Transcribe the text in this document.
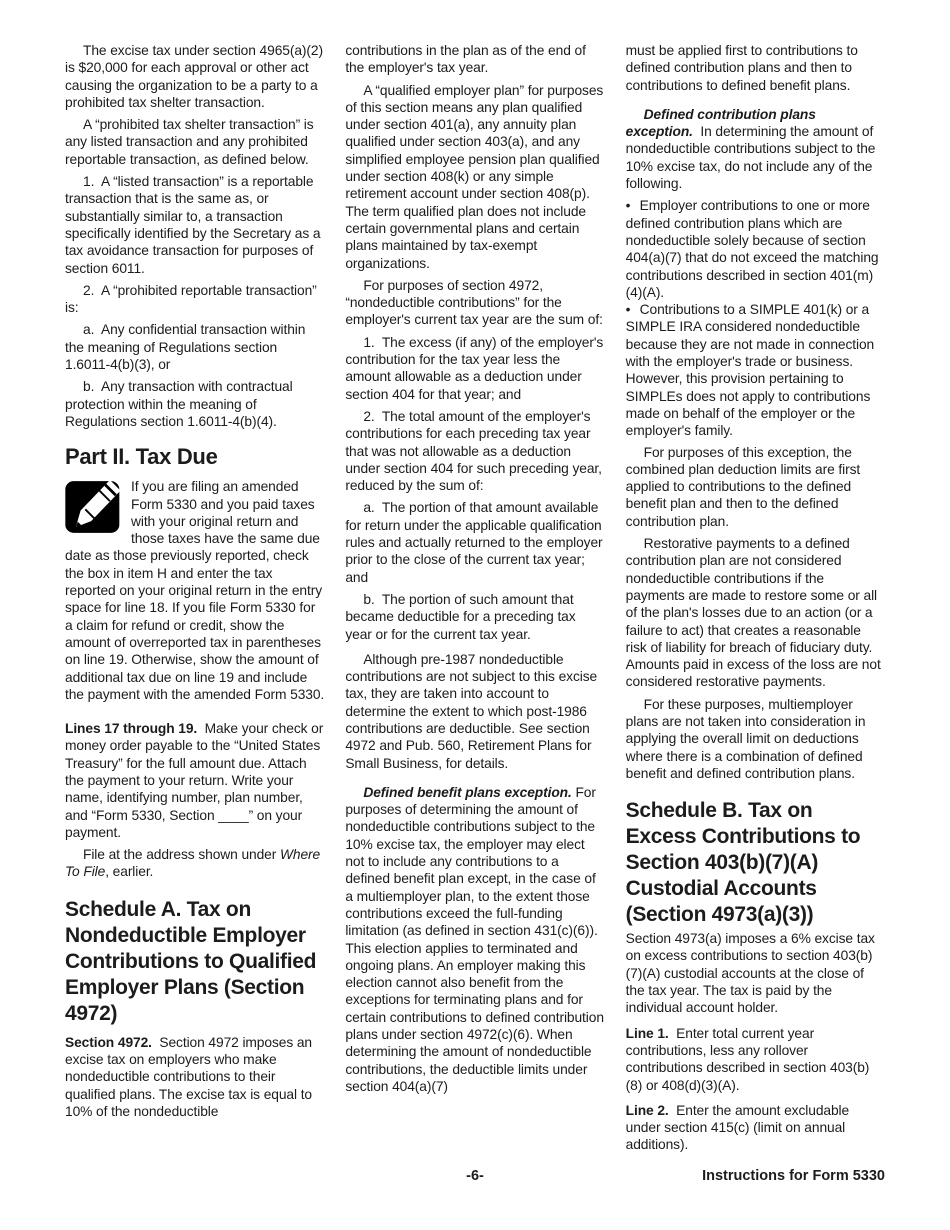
The excise tax under section 4965(a)(2) is $20,000 for each approval or other act causing the organization to be a party to a prohibited tax shelter transaction.

A “prohibited tax shelter transaction” is any listed transaction and any prohibited reportable transaction, as defined below.

1.  A “listed transaction” is a reportable transaction that is the same as, or substantially similar to, a transaction specifically identified by the Secretary as a tax avoidance transaction for purposes of section 6011.

2.  A “prohibited reportable transaction” is:

a.  Any confidential transaction within the meaning of Regulations section 1.6011-4(b)(3), or

b.  Any transaction with contractual protection within the meaning of Regulations section 1.6011-4(b)(4).

Part II. Tax Due

If you are filing an amended Form 5330 and you paid taxes with your original return and those taxes have the same due date as those previously reported, check the box in item H and enter the tax reported on your original return in the entry space for line 18. If you file Form 5330 for a claim for refund or credit, show the amount of overreported tax in parentheses on line 19. Otherwise, show the amount of additional tax due on line 19 and include the payment with the amended Form 5330.

Lines 17 through 19.  Make your check or money order payable to the “United States Treasury” for the full amount due. Attach the payment to your return. Write your name, identifying number, plan number, and “Form 5330, Section ____” on your payment.

File at the address shown under Where To File, earlier.

Schedule A. Tax on Nondeductible Employer Contributions to Qualified Employer Plans (Section 4972)

Section 4972.  Section 4972 imposes an excise tax on employers who make nondeductible contributions to their qualified plans. The excise tax is equal to 10% of the nondeductible

contributions in the plan as of the end of the employer's tax year.

A “qualified employer plan” for purposes of this section means any plan qualified under section 401(a), any annuity plan qualified under section 403(a), and any simplified employee pension plan qualified under section 408(k) or any simple retirement account under section 408(p). The term qualified plan does not include certain governmental plans and certain plans maintained by tax-exempt organizations.

For purposes of section 4972, “nondeductible contributions” for the employer's current tax year are the sum of:

1.  The excess (if any) of the employer's contribution for the tax year less the amount allowable as a deduction under section 404 for that year; and

2.  The total amount of the employer's contributions for each preceding tax year that was not allowable as a deduction under section 404 for such preceding year, reduced by the sum of:

a.  The portion of that amount available for return under the applicable qualification rules and actually returned to the employer prior to the close of the current tax year; and

b.  The portion of such amount that became deductible for a preceding tax year or for the current tax year.

Although pre-1987 nondeductible contributions are not subject to this excise tax, they are taken into account to determine the extent to which post-1986 contributions are deductible. See section 4972 and Pub. 560, Retirement Plans for Small Business, for details.

Defined benefit plans exception. For purposes of determining the amount of nondeductible contributions subject to the 10% excise tax, the employer may elect not to include any contributions to a defined benefit plan except, in the case of a multiemployer plan, to the extent those contributions exceed the full-funding limitation (as defined in section 431(c)(6)). This election applies to terminated and ongoing plans. An employer making this election cannot also benefit from the exceptions for terminating plans and for certain contributions to defined contribution plans under section 4972(c)(6). When determining the amount of nondeductible contributions, the deductible limits under section 404(a)(7)

must be applied first to contributions to defined contribution plans and then to contributions to defined benefit plans.

Defined contribution plans exception.  In determining the amount of nondeductible contributions subject to the 10% excise tax, do not include any of the following.

• Employer contributions to one or more defined contribution plans which are nondeductible solely because of section 404(a)(7) that do not exceed the matching contributions described in section 401(m)(4)(A).

• Contributions to a SIMPLE 401(k) or a SIMPLE IRA considered nondeductible because they are not made in connection with the employer's trade or business. However, this provision pertaining to SIMPLEs does not apply to contributions made on behalf of the employer or the employer's family.

For purposes of this exception, the combined plan deduction limits are first applied to contributions to the defined benefit plan and then to the defined contribution plan.

Restorative payments to a defined contribution plan are not considered nondeductible contributions if the payments are made to restore some or all of the plan's losses due to an action (or a failure to act) that creates a reasonable risk of liability for breach of fiduciary duty. Amounts paid in excess of the loss are not considered restorative payments.

For these purposes, multiemployer plans are not taken into consideration in applying the overall limit on deductions where there is a combination of defined benefit and defined contribution plans.

Schedule B. Tax on Excess Contributions to Section 403(b)(7)(A) Custodial Accounts (Section 4973(a)(3))

Section 4973(a) imposes a 6% excise tax on excess contributions to section 403(b)(7)(A) custodial accounts at the close of the tax year. The tax is paid by the individual account holder.

Line 1.  Enter total current year contributions, less any rollover contributions described in section 403(b)(8) or 408(d)(3)(A).

Line 2.  Enter the amount excludable under section 415(c) (limit on annual additions).

-6-	Instructions for Form 5330
